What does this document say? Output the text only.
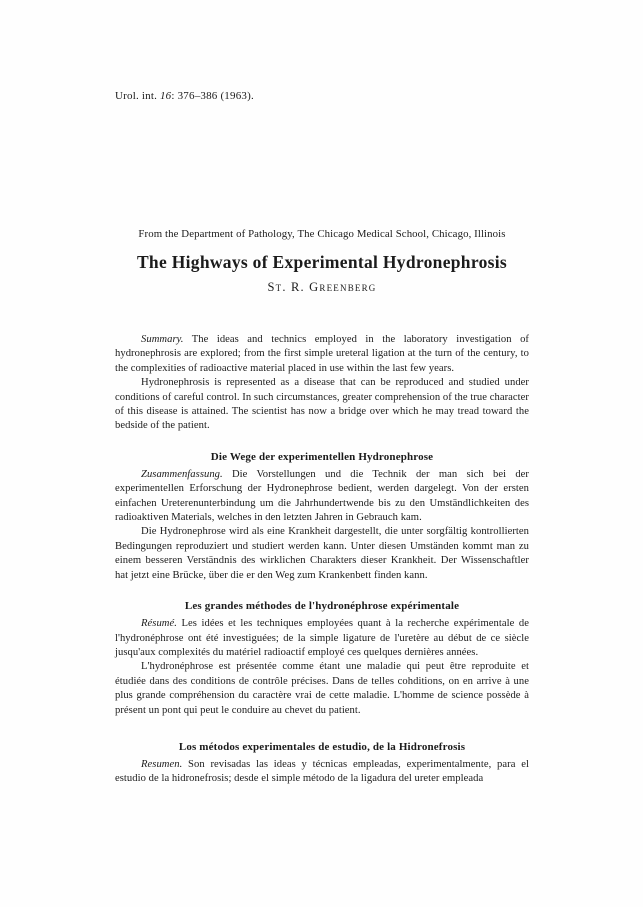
Urol. int. 16: 376–386 (1963).
From the Department of Pathology, The Chicago Medical School, Chicago, Illinois
The Highways of Experimental Hydronephrosis
St. R. Greenberg

Summary. The ideas and technics employed in the laboratory investigation of hydronephrosis are explored; from the first simple ureteral ligation at the turn of the century, to the complexities of radioactive material placed in use within the last few years.

Hydronephrosis is represented as a disease that can be reproduced and studied under conditions of careful control. In such circumstances, greater comprehension of the true character of this disease is attained. The scientist has now a bridge over which he may tread toward the bedside of the patient.

Die Wege der experimentellen Hydronephrose

Zusammenfassung. Die Vorstellungen und die Technik der man sich bei der experimentellen Erforschung der Hydronephrose bedient, werden dargelegt. Von der ersten einfachen Ureterenunterbindung um die Jahrhundertwende bis zu den Umständlichkeiten des radioaktiven Materials, welches in den letzten Jahren in Gebrauch kam.

Die Hydronephrose wird als eine Krankheit dargestellt, die unter sorgfältig kontrollierten Bedingungen reproduziert und studiert werden kann. Unter diesen Umständen kommt man zu einem besseren Verständnis des wirklichen Charakters dieser Krankheit. Der Wissenschaftler hat jetzt eine Brücke, über die er den Weg zum Krankenbett finden kann.

Les grandes méthodes de l'hydronéphrose expérimentale

Résumé. Les idées et les techniques employées quant à la recherche expérimentale de l'hydronéphrose ont été investiguées; de la simple ligature de l'uretère au début de ce siècle jusqu'aux complexités du matériel radioactif employé ces quelques dernières années.

L'hydronéphrose est présentée comme étant une maladie qui peut être reproduite et étudiée dans des conditions de contrôle précises. Dans de telles cohditions, on en arrive à une plus grande compréhension du caractère vrai de cette maladie. L'homme de science possède à présent un pont qui peut le conduire au chevet du patient.

Los métodos experimentales de estudio, de la Hidronefrosis

Resumen. Son revisadas las ideas y técnicas empleadas, experimentalmente, para el estudio de la hidronefrosis; desde el simple método de la ligadura del ureter empleada
